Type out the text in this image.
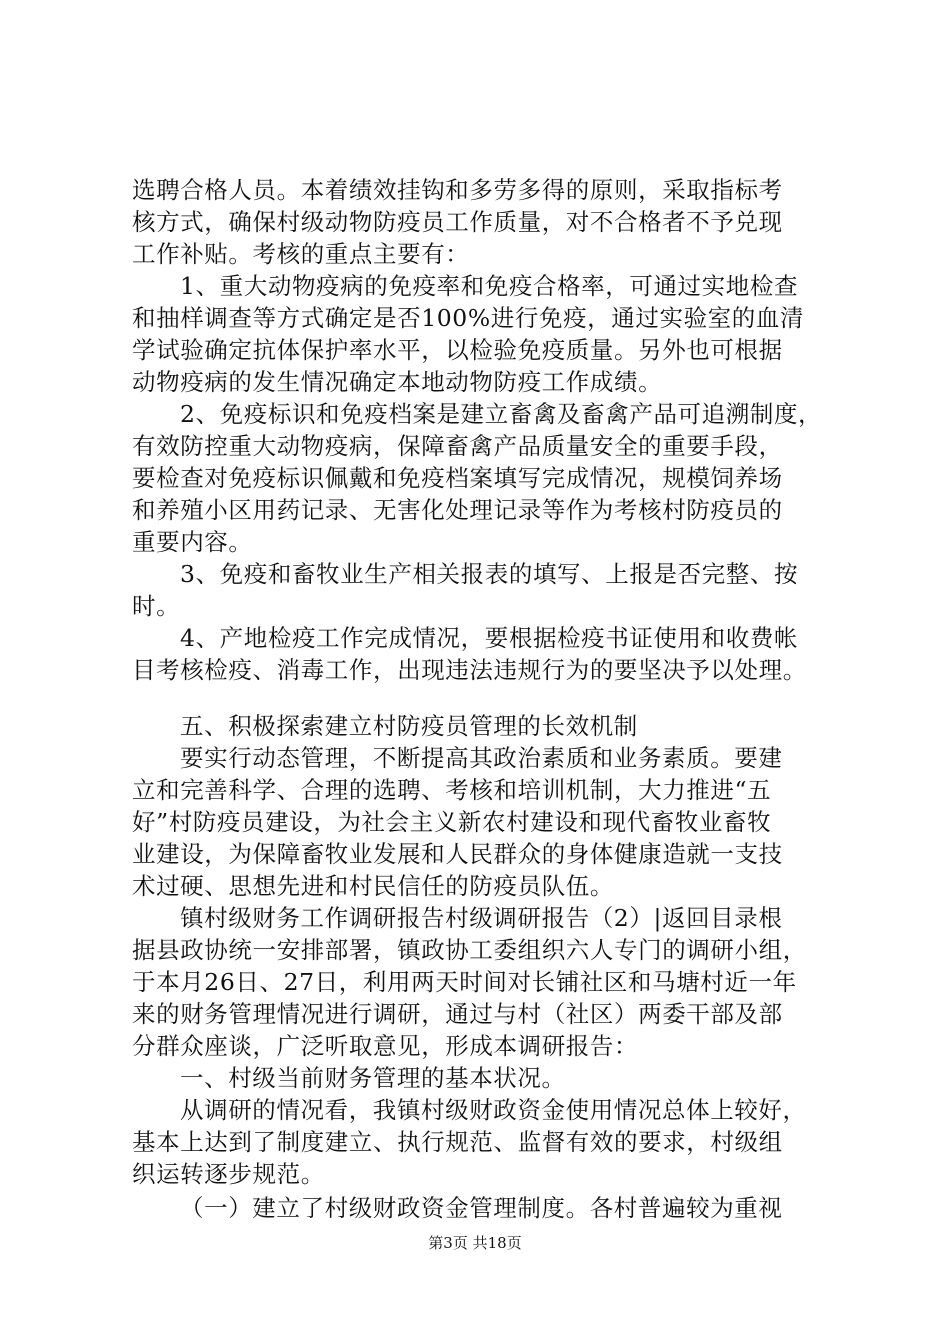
选聘合格人员。本着绩效挂钩和多劳多得的原则，采取指标考
核方式，确保村级动物防疫员工作质量，对不合格者不予兑现
工作补贴。考核的重点主要有：
1、重大动物疫病的免疫率和免疫合格率，可通过实地检查
和抽样调查等方式确定是否100%进行免疫，通过实验室的血清
学试验确定抗体保护率水平，以检验免疫质量。另外也可根据
动物疫病的发生情况确定本地动物防疫工作成绩。
2、免疫标识和免疫档案是建立畜禽及畜禽产品可追溯制度，
有效防控重大动物疫病，保障畜禽产品质量安全的重要手段，
要检查对免疫标识佩戴和免疫档案填写完成情况，规模饲养场
和养殖小区用药记录、无害化处理记录等作为考核村防疫员的
重要内容。
3、免疫和畜牧业生产相关报表的填写、上报是否完整、按
时。
4、产地检疫工作完成情况，要根据检疫书证使用和收费帐
目考核检疫、消毒工作，出现违法违规行为的要坚决予以处理。
五、积极探索建立村防疫员管理的长效机制
要实行动态管理，不断提高其政治素质和业务素质。要建
立和完善科学、合理的选聘、考核和培训机制，大力推进“五
好”村防疫员建设，为社会主义新农村建设和现代畜牧业畜牧
业建设，为保障畜牧业发展和人民群众的身体健康造就一支技
术过硬、思想先进和村民信任的防疫员队伍。
镇村级财务工作调研报告村级调研报告（2）|返回目录根
据县政协统一安排部署，镇政协工委组织六人专门的调研小组，
于本月26日、27日，利用两天时间对长铺社区和马塘村近一年
来的财务管理情况进行调研，通过与村（社区）两委干部及部
分群众座谈，广泛听取意见，形成本调研报告：
一、村级当前财务管理的基本状况。
从调研的情况看，我镇村级财政资金使用情况总体上较好，
基本上达到了制度建立、执行规范、监督有效的要求，村级组
织运转逐步规范。
（一）建立了村级财政资金管理制度。各村普遍较为重视
第3页 共18页
